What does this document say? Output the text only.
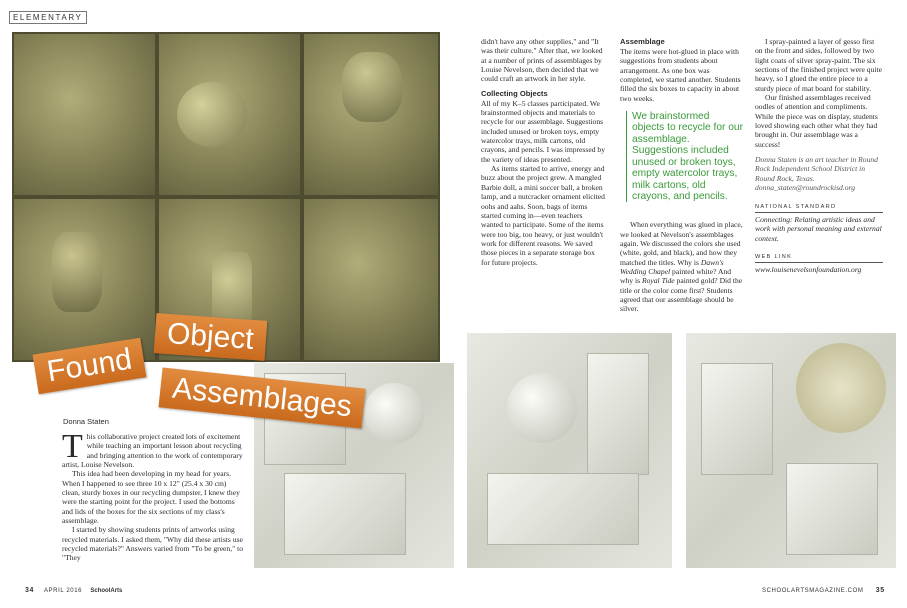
ELEMENTARY
Found
Object
Assemblages
Donna Staten
T his collaborative project created lots of excitement while teaching an important lesson about recycling and bringing attention to the work of contemporary artist, Louise Nevelson.

This idea had been developing in my head for years. When I happened to see three 10 x 12" (25.4 x 30 cm) clean, sturdy boxes in our recycling dumpster, I knew they were the starting point for the project. I used the bottoms and lids of the boxes for the six sections of my class's assemblage.

I started by showing students prints of artworks using recycled materials. I asked them, "Why did these artists use recycled materials?" Answers varied from "To be green," to "They

didn't have any other supplies," and "It was their culture." After that, we looked at a number of prints of assemblages by Louise Nevelson, then decided that we could craft an artwork in her style.

Collecting Objects

All of my K–5 classes participated. We brainstormed objects and materials to recycle for our assemblage. Suggestions included unused or broken toys, empty watercolor trays, milk cartons, old crayons, and pencils. I was impressed by the variety of ideas presented.

As items started to arrive, energy and buzz about the project grew. A mangled Barbie doll, a mini soccer ball, a broken lamp, and a nutcracker ornament elicited oohs and aahs. Soon, bags of items started coming in—even teachers wanted to participate. Some of the items were too big, too heavy, or just wouldn't work for different reasons. We saved those pieces in a separate storage box for future projects.

Assemblage

The items were hot-glued in place with suggestions from students about arrangement. As one box was completed, we started another. Students filled the six boxes to capacity in about two weeks.

We brainstormed objects to recycle for our assemblage. Suggestions included unused or broken toys, empty watercolor trays, milk cartons, old crayons, and pencils.

When everything was glued in place, we looked at Nevelson's assemblages again. We discussed the colors she used (white, gold, and black), and how they matched the titles. Why is Dawn's Wedding Chapel painted white? And why is Royal Tide painted gold? Did the title or the color come first? Students agreed that our assemblage should be silver.

I spray-painted a layer of gesso first on the front and sides, followed by two light coats of silver spray-paint. The six sections of the finished project were quite heavy, so I glued the entire piece to a sturdy piece of mat board for stability.

Our finished assemblages received oodles of attention and compliments. While the piece was on display, students loved showing each other what they had brought in. Our assemblage was a success!

Donna Staten is an art teacher in Round Rock Independent School District in Round Rock, Texas. donna_staten@roundrockisd.org

NATIONAL STANDARD

Connecting: Relating artistic ideas and work with personal meaning and external context.

WEB LINK

www.louisenevelsonfoundation.org

34 APRIL 2016 SchoolArts	SCHOOLARTSMAGAZINE.COM 35
